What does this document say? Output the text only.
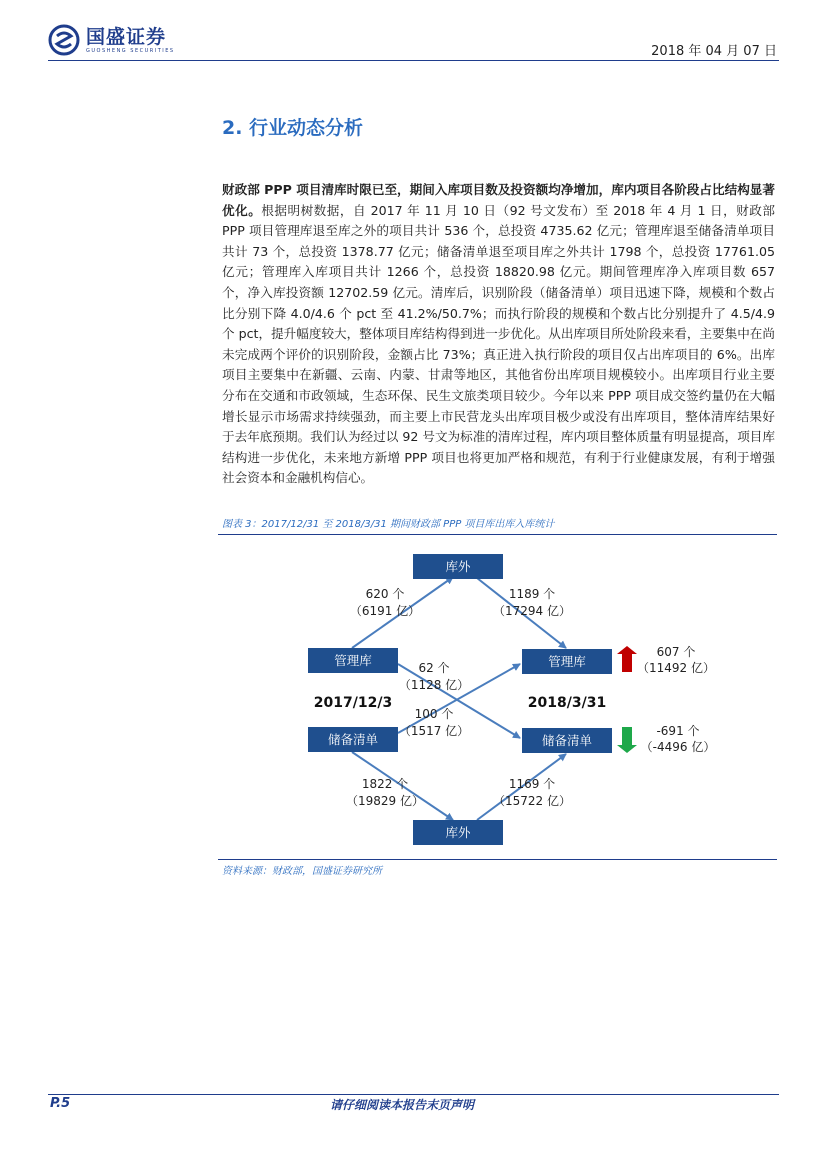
国盛证券
GUOSHENG SECURITIES	2018 年 04 月 07 日
2. 行业动态分析

财政部 PPP 项目清库时限已至，期间入库项目数及投资额均净增加，库内项目各阶段占比结构显著优化。根据明树数据，自 2017 年 11 月 10 日（92 号文发布）至 2018 年 4 月 1 日，财政部 PPP 项目管理库退至库之外的项目共计 536 个，总投资 4735.62 亿元；管理库退至储备清单项目共计 73 个，总投资 1378.77 亿元；储备清单退至项目库之外共计 1798 个，总投资 17761.05 亿元；管理库入库项目共计 1266 个，总投资 18820.98 亿元。期间管理库净入库项目数 657 个，净入库投资额 12702.59 亿元。清库后，识别阶段（储备清单）项目迅速下降，规模和个数占比分别下降 4.0/4.6 个 pct 至 41.2%/50.7%；而执行阶段的规模和个数占比分别提升了 4.5/4.9 个 pct，提升幅度较大，整体项目库结构得到进一步优化。从出库项目所处阶段来看，主要集中在尚未完成两个评价的识别阶段，金额占比 73%；真正进入执行阶段的项目仅占出库项目的 6%。出库项目主要集中在新疆、云南、内蒙、甘肃等地区，其他省份出库项目规模较小。出库项目行业主要分布在交通和市政领域，生态环保、民生文旅类项目较少。今年以来 PPP 项目成交签约量仍在大幅增长显示市场需求持续强劲，而主要上市民营龙头出库项目极少或没有出库项目，整体清库结果好于去年底预期。我们认为经过以 92 号文为标准的清库过程，库内项目整体质量有明显提高，项目库结构进一步优化，未来地方新增 PPP 项目也将更加严格和规范，有利于行业健康发展，有利于增强社会资本和金融机构信心。

图表 3：2017/12/31 至 2018/3/31 期间财政部 PPP 项目库出库入库统计
库外
管理库
储备清单
管理库
储备清单
库外
620 个
（6191 亿）
1189 个
（17294 亿）
62 个
（1128 亿）
100 个
（1517 亿）
1822 个
（19829 亿）
1169 个
（15722 亿）
2017/12/3	2018/3/31
607 个
（11492 亿）
-691 个
（-4496 亿）
资料来源：财政部，国盛证券研究所
P.5	请仔细阅读本报告末页声明
